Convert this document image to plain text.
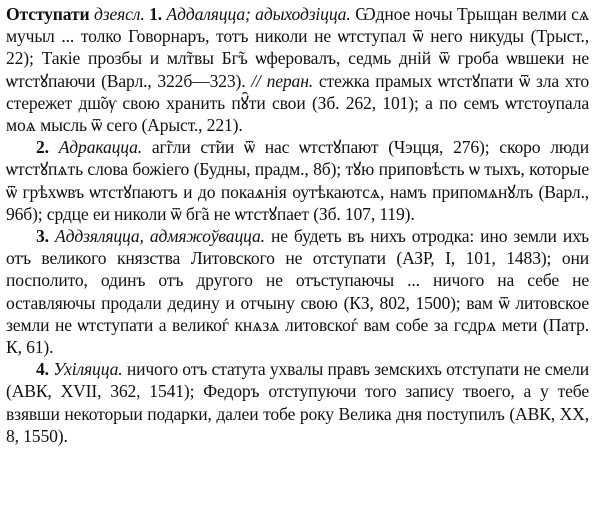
Отступати дзеясл. 1. Аддаляцца; адыходзіцца. Ѡдное ночы Трыщан велми сѧ мучыл ... толко Говорнаръ, тотъ николи не ѡтступал ѿ него никуды (Трыст., 22); Такіе прозбы и мл̃твы Бг̃ъ ѡферовалъ, седмь дній ѿ гроба ѡвшеки не ѡтстꙋпаючи (Варл., 322б—323). // перан. стежка прамых ѡтстꙋпати ѿ зла хто стережет дш̃ѹ свою хранить пꙋ̑ти свои (Зб. 262, 101); а по семъ ѡтстоупала моѧ мысль ѿ сего (Арыст., 221).

2. Адракацца. аг̃гли ст̃ии ѿ нас ѡтстꙋпают (Чэцця, 276); скоро люди ѡтстꙋпѧть слова божіего (Будны, прадм., 8б); тꙋю приповѣсть ѡ тыхъ, которые ѿ грѣхѡвъ ѡтстꙋпаютъ и до покаѧнія оутѣкаютсѧ, намъ припомѧнꙋлъ (Варл., 96б); срдце еи николи ѿ бг̃а не ѡтстꙋпает (Зб. 107, 119).

3. Аддзяляцца, адмяжоўвацца. не будеть въ нихъ отродка: ино земли ихъ отъ великого князства Литовского не отступати (АЗР, І, 101, 1483); они посполито, одинъ отъ другого не отъступаючы ... ничого на себе не оставляючы продали дедину и отчыну свою (КЗ, 802, 1500); вам ѿ литовское земли не ѡтступати а великоѓ кнѧзѧ литовскоѓ вам собе за гсдрѧ мети (Патр. К, 61).

4. Ухіляцца. ничого отъ статута ухвалы правъ земскихъ отступати не смели (АВК, XVII, 362, 1541); Федоръ отступуючи того запису твоего, а у тебе взявши некоторыи подарки, далеи тобе року Велика дня поступилъ (АВК, XX, 8, 1550).
